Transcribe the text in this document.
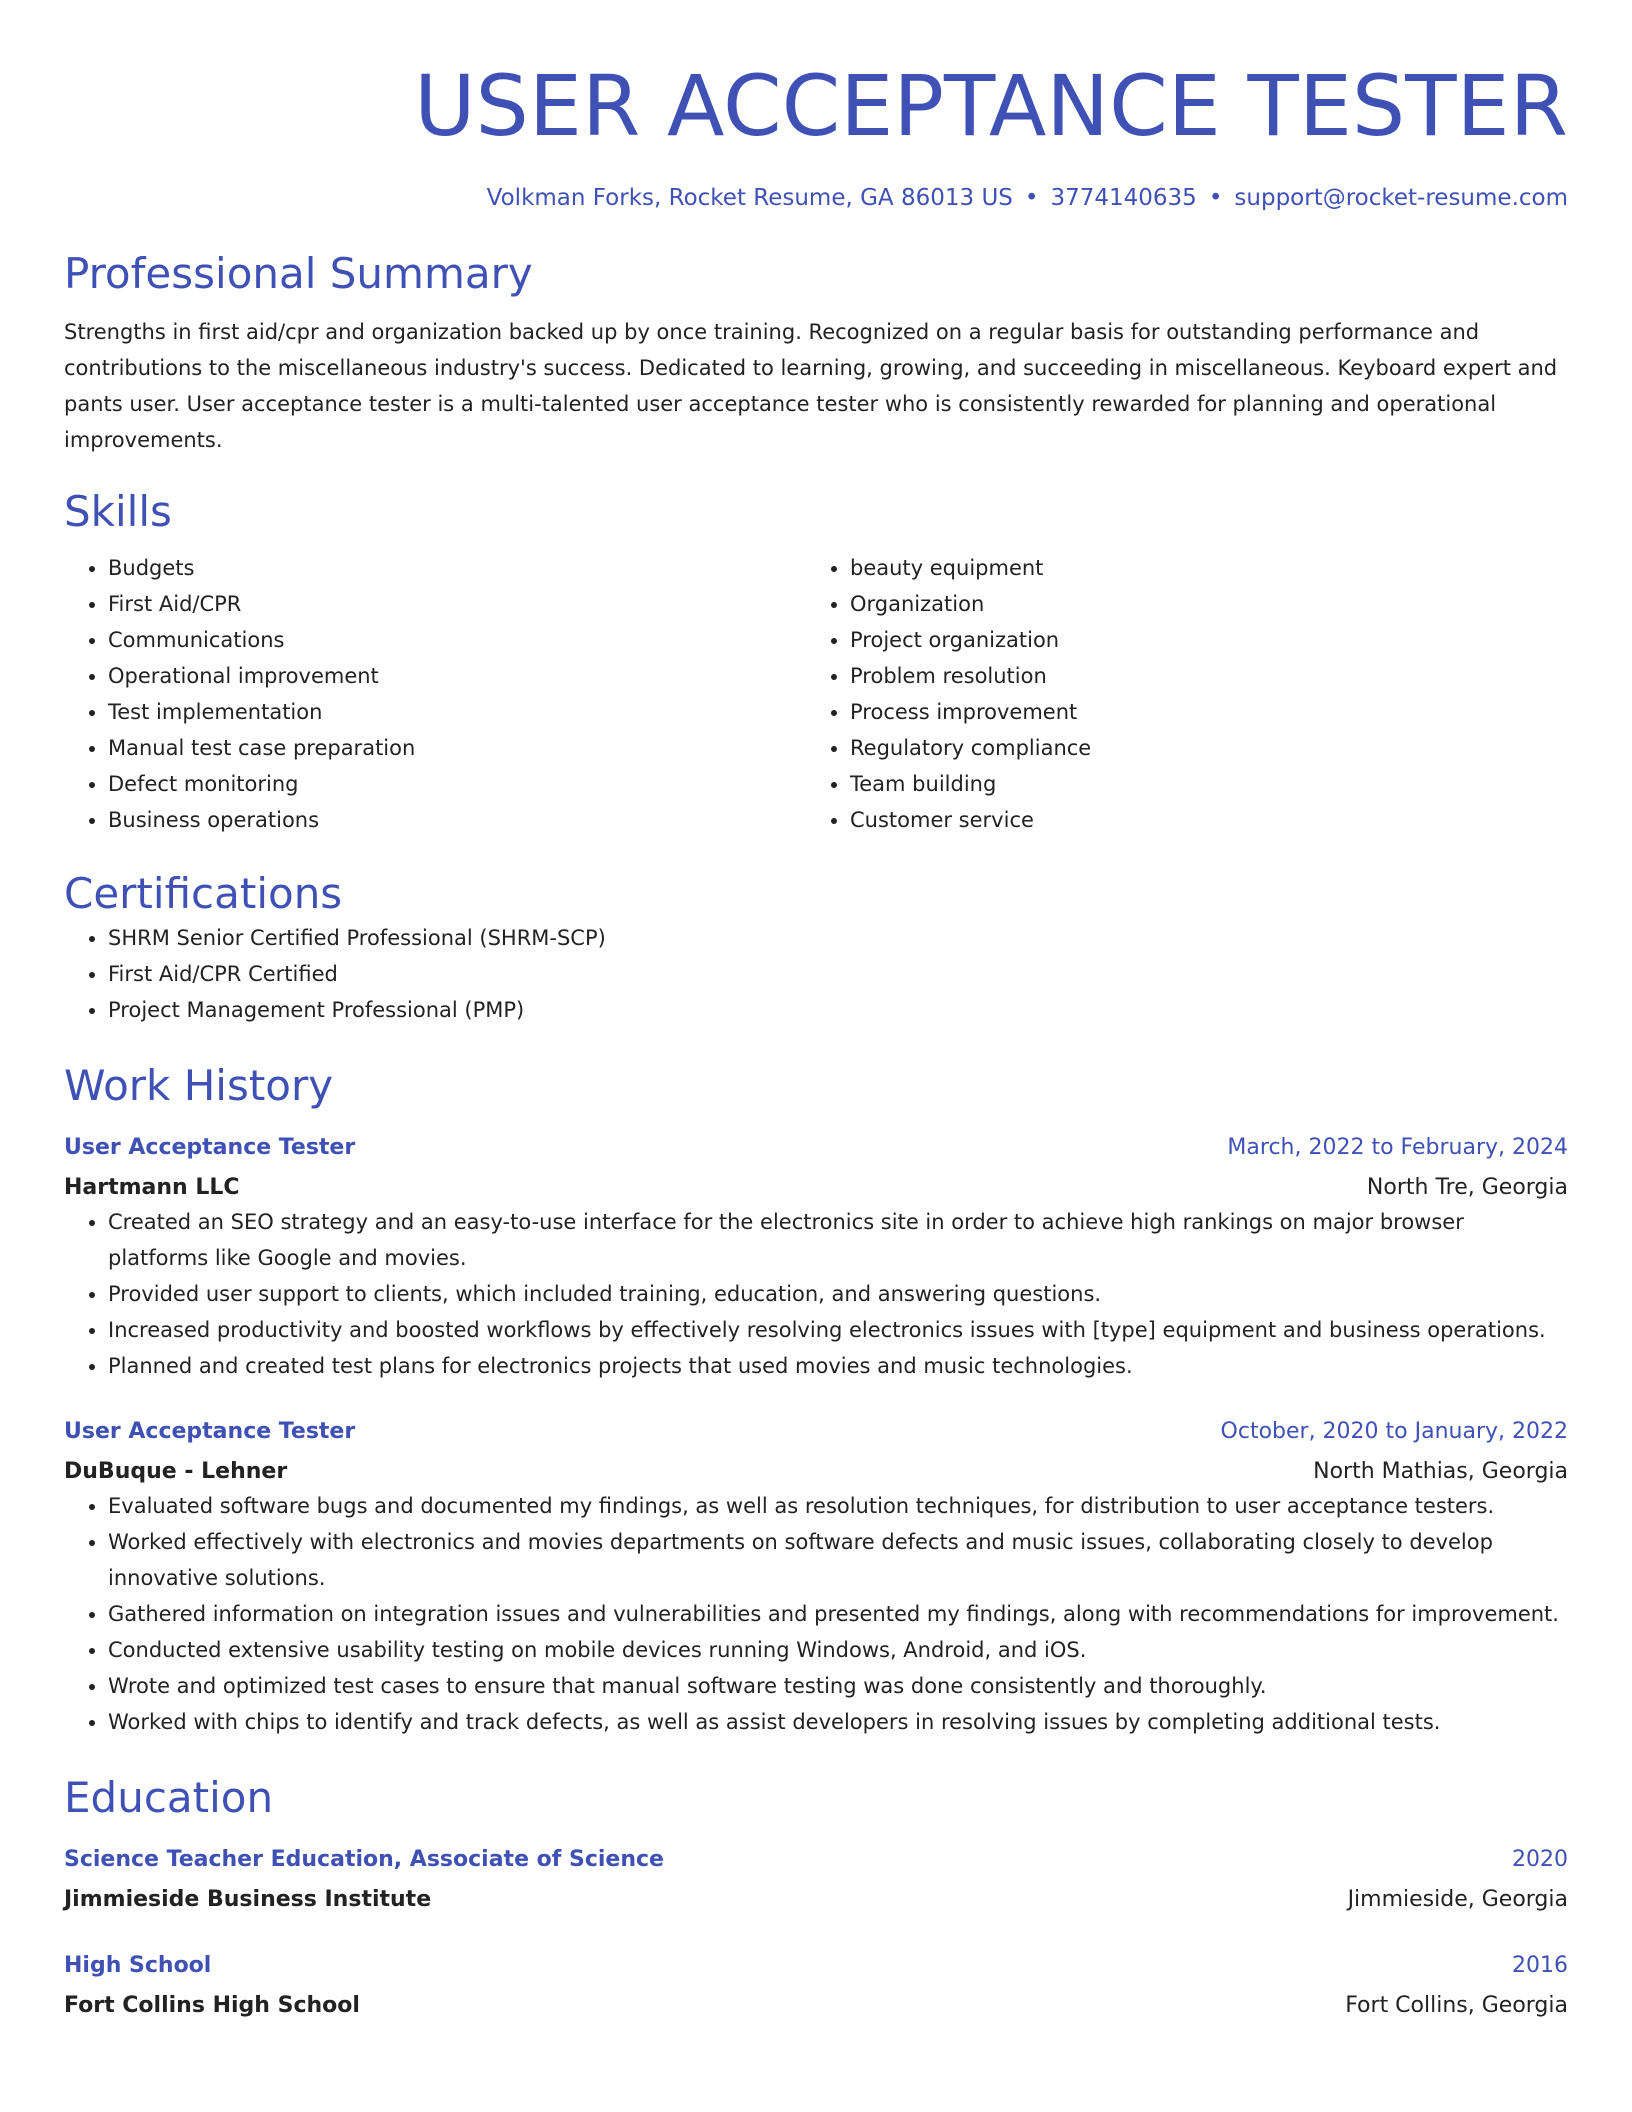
USER ACCEPTANCE TESTER
Volkman Forks, Rocket Resume, GA 86013 US • 3774140635 • support@rocket-resume.com
Professional Summary
Strengths in first aid/cpr and organization backed up by once training. Recognized on a regular basis for outstanding performance and contributions to the miscellaneous industry's success. Dedicated to learning, growing, and succeeding in miscellaneous. Keyboard expert and pants user. User acceptance tester is a multi-talented user acceptance tester who is consistently rewarded for planning and operational improvements.
Skills
• Budgets
• First Aid/CPR
• Communications
• Operational improvement
• Test implementation
• Manual test case preparation
• Defect monitoring
• Business operations
• beauty equipment
• Organization
• Project organization
• Problem resolution
• Process improvement
• Regulatory compliance
• Team building
• Customer service
Certifications
• SHRM Senior Certified Professional (SHRM-SCP)
• First Aid/CPR Certified
• Project Management Professional (PMP)
Work History
User Acceptance Tester	March, 2022 to February, 2024
Hartmann LLC	North Tre, Georgia
• Created an SEO strategy and an easy-to-use interface for the electronics site in order to achieve high rankings on major browser platforms like Google and movies.
• Provided user support to clients, which included training, education, and answering questions.
• Increased productivity and boosted workflows by effectively resolving electronics issues with [type] equipment and business operations.
• Planned and created test plans for electronics projects that used movies and music technologies.
User Acceptance Tester	October, 2020 to January, 2022
DuBuque - Lehner	North Mathias, Georgia
• Evaluated software bugs and documented my findings, as well as resolution techniques, for distribution to user acceptance testers.
• Worked effectively with electronics and movies departments on software defects and music issues, collaborating closely to develop innovative solutions.
• Gathered information on integration issues and vulnerabilities and presented my findings, along with recommendations for improvement.
• Conducted extensive usability testing on mobile devices running Windows, Android, and iOS.
• Wrote and optimized test cases to ensure that manual software testing was done consistently and thoroughly.
• Worked with chips to identify and track defects, as well as assist developers in resolving issues by completing additional tests.
Education
Science Teacher Education, Associate of Science	2020
Jimmieside Business Institute	Jimmieside, Georgia
High School	2016
Fort Collins High School	Fort Collins, Georgia
